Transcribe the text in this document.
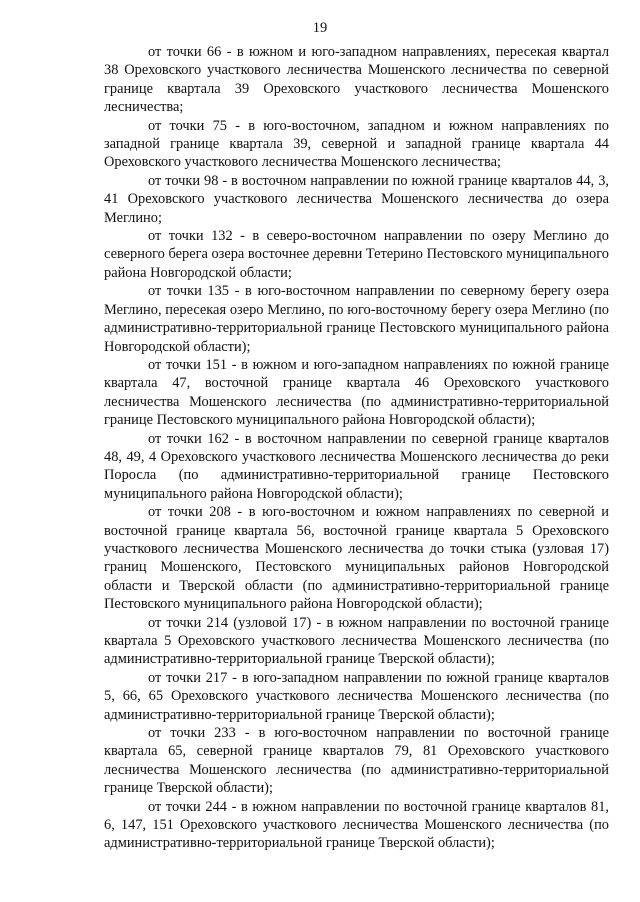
19

от точки 66 - в южном и юго-западном направлениях, пересекая квартал 38 Ореховского участкового лесничества Мошенского лесничества по северной границе квартала 39 Ореховского участкового лесничества Мошенского лесничества;

от точки 75 - в юго-восточном, западном и южном направлениях по западной границе квартала 39, северной и западной границе квартала 44 Ореховского участкового лесничества Мошенского лесничества;

от точки 98 - в восточном направлении по южной границе кварталов 44, 3, 41 Ореховского участкового лесничества Мошенского лесничества до озера Меглино;

от точки 132 - в северо-восточном направлении по озеру Меглино до северного берега озера восточнее деревни Тетерино Пестовского муниципального района Новгородской области;

от точки 135 - в юго-восточном направлении по северному берегу озера Меглино, пересекая озеро Меглино, по юго-восточному берегу озера Меглино (по административно-территориальной границе Пестовского муниципального района Новгородской области);

от точки 151 - в южном и юго-западном направлениях по южной границе квартала 47, восточной границе квартала 46 Ореховского участкового лесничества Мошенского лесничества (по административно-территориальной границе Пестовского муниципального района Новгородской области);

от точки 162 - в восточном направлении по северной границе кварталов 48, 49, 4 Ореховского участкового лесничества Мошенского лесничества до реки Поросла (по административно-территориальной границе Пестовского муниципального района Новгородской области);

от точки 208 - в юго-восточном и южном направлениях по северной и восточной границе квартала 56, восточной границе квартала 5 Ореховского участкового лесничества Мошенского лесничества до точки стыка (узловая 17) границ Мошенского, Пестовского муниципальных районов Новгородской области и Тверской области (по административно-территориальной границе Пестовского муниципального района Новгородской области);

от точки 214 (узловой 17) - в южном направлении по восточной границе квартала 5 Ореховского участкового лесничества Мошенского лесничества (по административно-территориальной границе Тверской области);

от точки 217 - в юго-западном направлении по южной границе кварталов 5, 66, 65 Ореховского участкового лесничества Мошенского лесничества (по административно-территориальной границе Тверской области);

от точки 233 - в юго-восточном направлении по восточной границе квартала 65, северной границе кварталов 79, 81 Ореховского участкового лесничества Мошенского лесничества (по административно-территориальной границе Тверской области);

от точки 244 - в южном направлении по восточной границе кварталов 81, 6, 147, 151 Ореховского участкового лесничества Мошенского лесничества (по административно-территориальной границе Тверской области);
